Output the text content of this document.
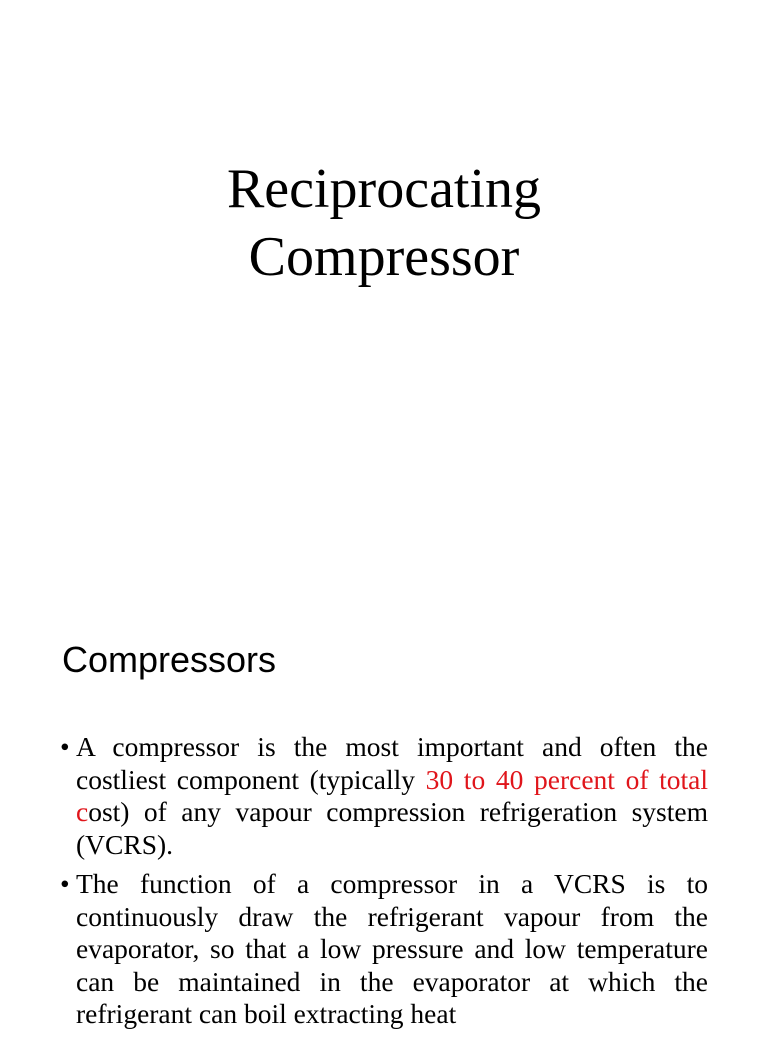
Reciprocating
Compressor
Compressors
• A compressor is the most important and often the costliest component (typically 30 to 40 percent of total cost) of any vapour compression refrigeration system (VCRS).
• The function of a compressor in a VCRS is to continuously draw the refrigerant vapour from the evaporator, so that a low pressure and low temperature can be maintained in the evaporator at which the refrigerant can boil extracting heat
